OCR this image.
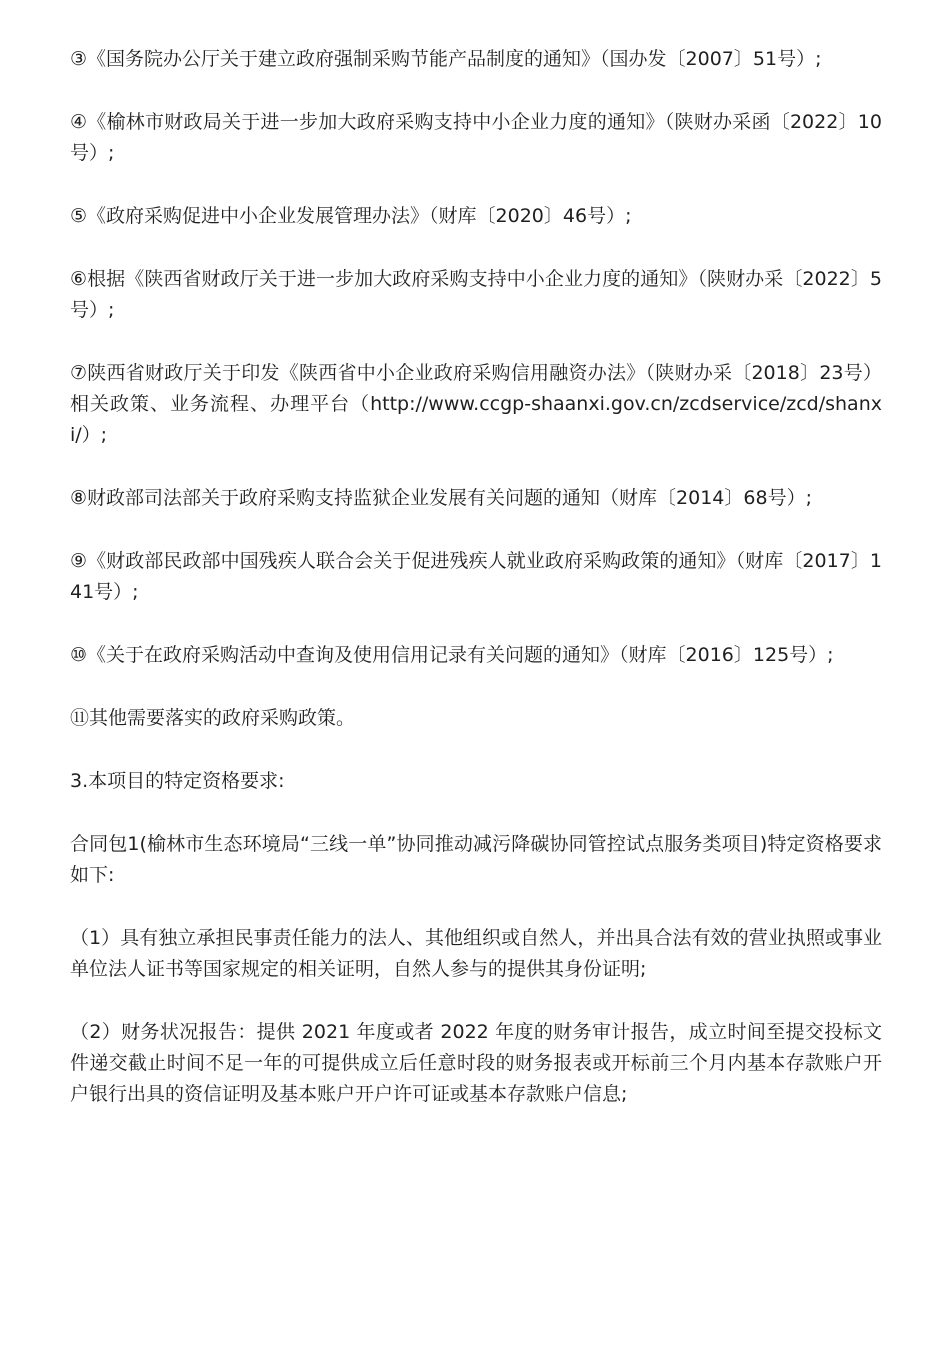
③《国务院办公厅关于建立政府强制采购节能产品制度的通知》（国办发〔2007〕51号）;

④《榆林市财政局关于进一步加大政府采购支持中小企业力度的通知》（陕财办采函〔2022〕10号）;

⑤《政府采购促进中小企业发展管理办法》（财库〔2020〕46号）;

⑥根据《陕西省财政厅关于进一步加大政府采购支持中小企业力度的通知》（陕财办采〔2022〕5号）;

⑦陕西省财政厅关于印发《陕西省中小企业政府采购信用融资办法》（陕财办采〔2018〕23号）相关政策、业务流程、办理平台（http://www.ccgp-shaanxi.gov.cn/zcdservice/zcd/shanxi/）;

⑧财政部司法部关于政府采购支持监狱企业发展有关问题的通知（财库〔2014〕68号）;

⑨《财政部民政部中国残疾人联合会关于促进残疾人就业政府采购政策的通知》（财库〔2017〕141号）;

⑩《关于在政府采购活动中查询及使用信用记录有关问题的通知》（财库〔2016〕125号）;

⑪其他需要落实的政府采购政策。

3.本项目的特定资格要求:

合同包1(榆林市生态环境局“三线一单”协同推动减污降碳协同管控试点服务类项目)特定资格要求如下:

（1）具有独立承担民事责任能力的法人、其他组织或自然人，并出具合法有效的营业执照或事业单位法人证书等国家规定的相关证明，自然人参与的提供其身份证明;

（2）财务状况报告：提供 2021 年度或者 2022 年度的财务审计报告，成立时间至提交投标文件递交截止时间不足一年的可提供成立后任意时段的财务报表或开标前三个月内基本存款账户开户银行出具的资信证明及基本账户开户许可证或基本存款账户信息;
